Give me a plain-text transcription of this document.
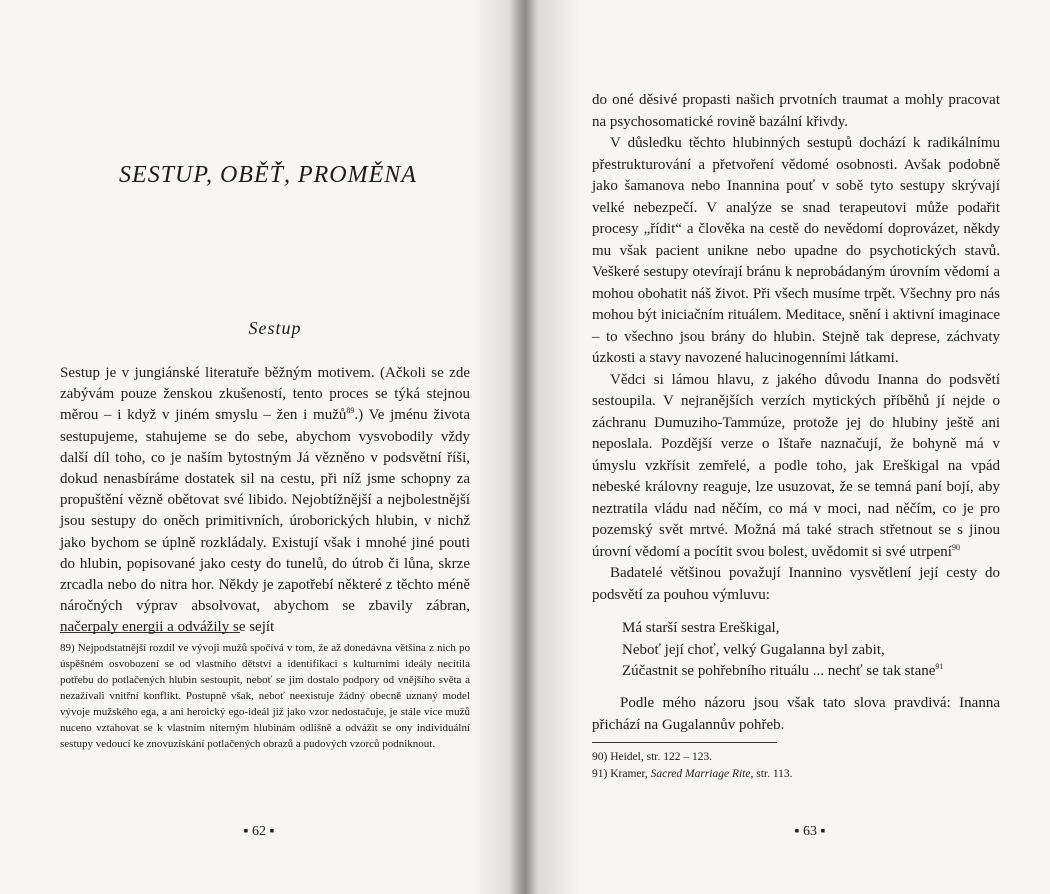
SESTUP, OBĚŤ, PROMĚNA
Sestup

Sestup je v jungiánské literatuře běžným motivem. (Ačkoli se zde zabývám pouze ženskou zkušeností, tento proces se týká stejnou měrou – i když v jiném smyslu – žen i mužů$^{89}$.) Ve jménu života sestupujeme, stahujeme se do sebe, abychom vysvobodily vždy další díl toho, co je naším bytostným Já vězněno v podsvětní říši, dokud nenasbíráme dostatek sil na cestu, při níž jsme schopny za propuštění vězně obětovat své libido. Nejobtížnější a nejbolestnější jsou sestupy do oněch primitivních, úroborických hlubin, v nichž jako bychom se úplně rozkládaly. Existují však i mnohé jiné pouti do hlubin, popisované jako cesty do tunelů, do útrob či lůna, skrze zrcadla nebo do nitra hor. Někdy je zapotřebí některé z těchto méně náročných výprav absolvovat, abychom se zbavily zábran, načerpaly energii a odvážily se sejít

89) Nejpodstatnější rozdíl ve vývoji mužů spočívá v tom, že až donedávna většina z nich po úspěšném osvobození se od vlastního dětství a identifikaci s kulturními ideály necítila potřebu do potlačených hlubin sestoupit, neboť se jim dostalo podpory od vnějšího světa a nezažívali vnitřní konflikt. Postupně však, neboť neexistuje žádný obecně uznaný model vývoje mužského ega, a ani heroický ego-ideál již jako vzor nedostačuje, je stále více mužů nuceno vztahovat se k vlastním niterným hlubinám odlišně a odvážit se ony individuální sestupy vedoucí ke znovuzískání potlačených obrazů a pudových vzorců podniknout.
▪ 62 ▪

do oné děsivé propasti našich prvotních traumat a mohly pracovat na psychosomatické rovině bazální křivdy.

V důsledku těchto hlubinných sestupů dochází k radikálnímu přestrukturování a přetvoření vědomé osobnosti. Avšak podobně jako šamanova nebo Inannina pouť v sobě tyto sestupy skrývají velké nebezpečí. V analýze se snad terapeutovi může podařit procesy „řídit“ a člověka na cestě do nevědomí doprovázet, někdy mu však pacient unikne nebo upadne do psychotických stavů. Veškeré sestupy otevírají bránu k neprobádaným úrovním vědomí a mohou obohatit náš život. Při všech musíme trpět. Všechny pro nás mohou být iniciačním rituálem. Meditace, snění i aktivní imaginace – to všechno jsou brány do hlubin. Stejně tak deprese, záchvaty úzkosti a stavy navozené halucinogenními látkami.

Vědci si lámou hlavu, z jakého důvodu Inanna do podsvětí sestoupila. V nejranějších verzích mytických příběhů jí nejde o záchranu Dumuziho-Tammúze, protože jej do hlubiny ještě ani neposlala. Pozdější verze o Ištaře naznačují, že bohyně má v úmyslu vzkřísit zemřelé, a podle toho, jak Ereškigal na vpád nebeské královny reaguje, lze usuzovat, že se temná paní bojí, aby neztratila vládu nad něčím, co má v moci, nad něčím, co je pro pozemský svět mrtvé. Možná má také strach střetnout se s jinou úrovní vědomí a pocítit svou bolest, uvědomit si své utrpení$^{90}$

Badatelé většinou považují Inannino vysvětlení její cesty do podsvětí za pouhou výmluvu:

Má starší sestra Ereškigal,
Neboť její choť, velký Gugalanna byl zabit,
Zúčastnit se pohřebního rituálu ... nechť se tak stane$^{91}$

Podle mého názoru jsou však tato slova pravdivá: Inanna přichází na Gugalannův pohřeb.

90) Heidel, str. 122 – 123.
91) Kramer, Sacred Marriage Rite, str. 113.
▪ 63 ▪
